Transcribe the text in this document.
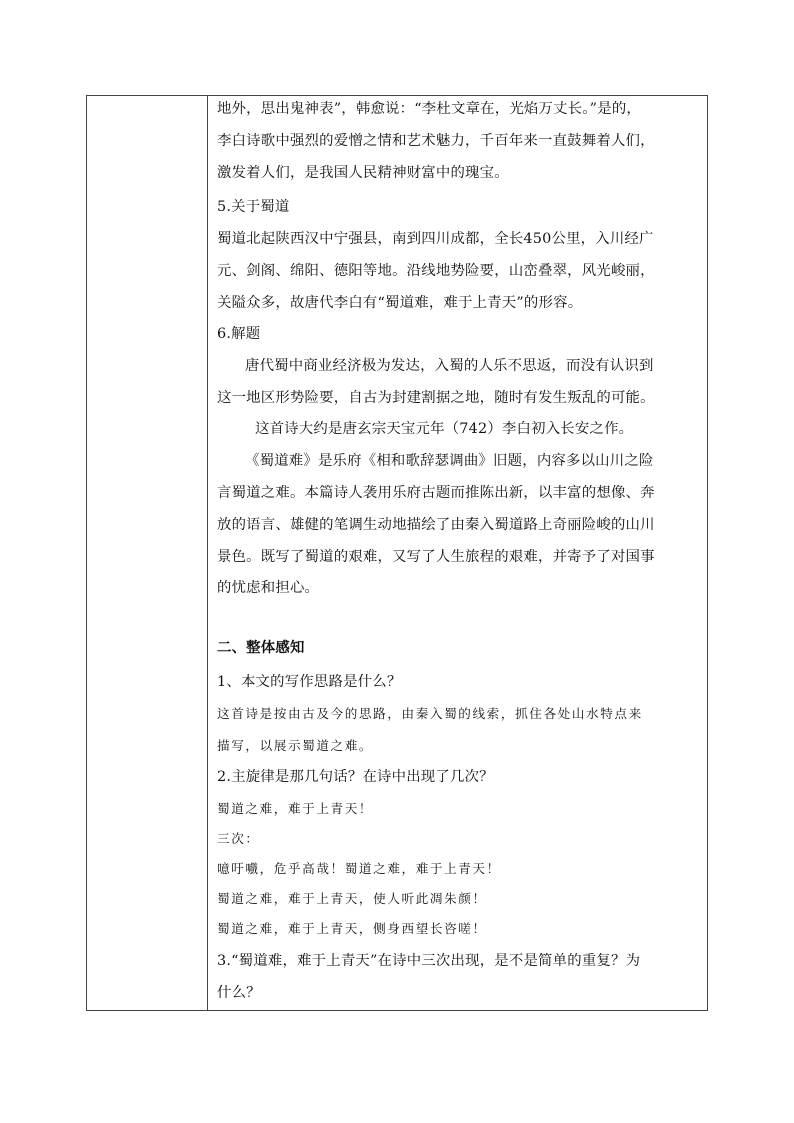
地外，思出鬼神表”，韩愈说：“李杜文章在，光焰万丈长。”是的，
李白诗歌中强烈的爱憎之情和艺术魅力，千百年来一直鼓舞着人们，
激发着人们，是我国人民精神财富中的瑰宝。
5.关于蜀道
蜀道北起陕西汉中宁强县，南到四川成都，全长450公里，入川经广
元、剑阁、绵阳、德阳等地。沿线地势险要，山峦叠翠，风光峻丽，
关隘众多，故唐代李白有“蜀道难，难于上青天”的形容。
6.解题
唐代蜀中商业经济极为发达，入蜀的人乐不思返，而没有认识到
这一地区形势险要，自古为封建割据之地，随时有发生叛乱的可能。
这首诗大约是唐玄宗天宝元年（742）李白初入长安之作。
《蜀道难》是乐府《相和歌辞瑟调曲》旧题，内容多以山川之险
言蜀道之难。本篇诗人袭用乐府古题而推陈出新，以丰富的想像、奔
放的语言、雄健的笔调生动地描绘了由秦入蜀道路上奇丽险峻的山川
景色。既写了蜀道的艰难，又写了人生旅程的艰难，并寄予了对国事
的忧虑和担心。
二、整体感知
1、本文的写作思路是什么？
这首诗是按由古及今的思路，由秦入蜀的线索，抓住各处山水特点来
描写，以展示蜀道之难。
2.主旋律是那几句话？在诗中出现了几次？
蜀道之难，难于上青天！
三次：
噫吁嚱，危乎高哉！蜀道之难，难于上青天！
蜀道之难，难于上青天，使人听此凋朱颜！
蜀道之难，难于上青天，侧身西望长咨嗟！
3.“蜀道难，难于上青天”在诗中三次出现，是不是简单的重复？为
什么？
